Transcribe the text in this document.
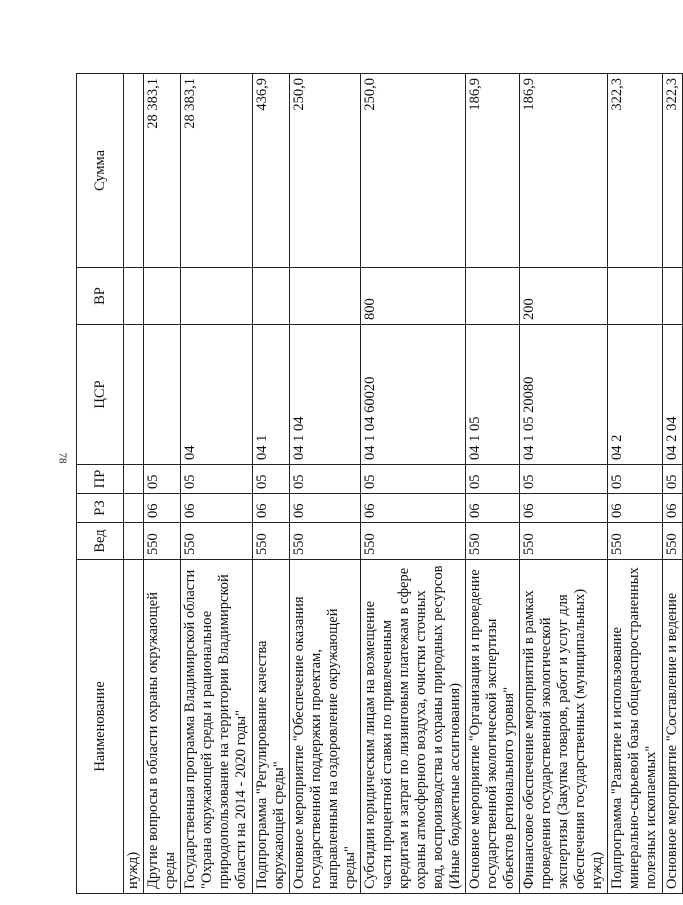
78
Наименование	Вед	РЗ	ПР	ЦСР	ВР	Сумма
нужд)						
Другие вопросы в области охраны окружающей среды	550	06	05			28 383,1
Государственная программа Владимирской области "Охрана окружающей среды и рациональное природопользование на территории Владимирской области на 2014 - 2020 годы"	550	06	05	04		28 383,1
Подпрограмма "Регулирование качества окружающей среды"	550	06	05	04 1		436,9
Основное мероприятие "Обеспечение оказания государственной поддержки проектам, направленным на оздоровление окружающей среды"	550	06	05	04 1 04		250,0
Субсидии юридическим лицам на возмещение части процентной ставки по привлеченным кредитам и затрат по лизинговым платежам в сфере охраны атмосферного воздуха, очистки сточных вод, воспроизводства и охраны природных ресурсов (Иные бюджетные ассигнования)	550	06	05	04 1 04 60020	800	250,0
Основное мероприятие "Организация и проведение государственной экологической экспертизы объектов регионального уровня"	550	06	05	04 1 05		186,9
Финансовое обеспечение мероприятий в рамках проведения государственной экологической экспертизы (Закупка товаров, работ и услуг для обеспечения государственных (муниципальных) нужд)	550	06	05	04 1 05 20080	200	186,9
Подпрограмма "Развитие и использование минерально-сырьевой базы общераспространенных полезных ископаемых"	550	06	05	04 2		322,3
Основное мероприятие "Составление и ведение	550	06	05	04 2 04		322,3
